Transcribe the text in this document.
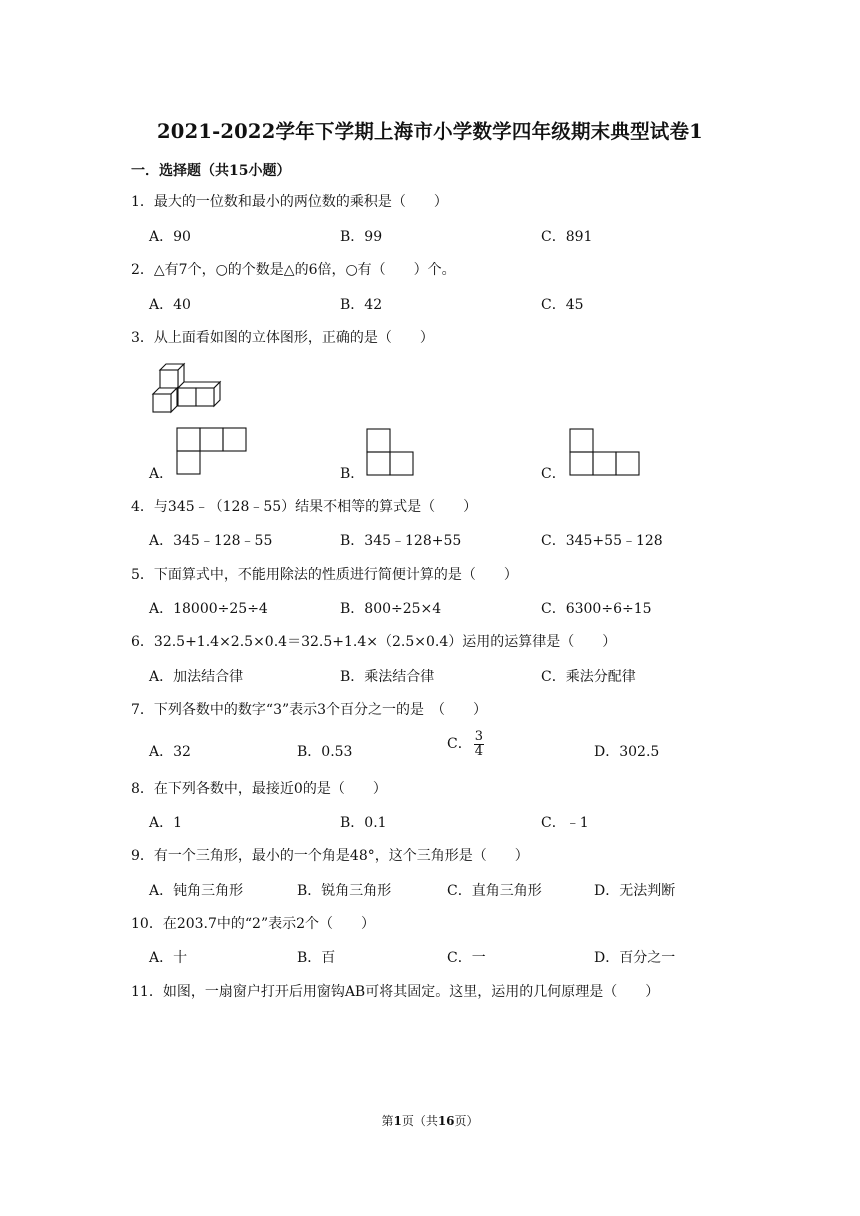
2021-2022学年下学期上海市小学数学四年级期末典型试卷1
一．选择题（共15小题）
1．最大的一位数和最小的两位数的乘积是（　　）
A．90	B．99	C．891
2．△有7个，○的个数是△的6倍，○有（　　）个。
A．40	B．42	C．45
3．从上面看如图的立体图形，正确的是（　　）
A．	B．	C．
4．与345﹣（128﹣55）结果不相等的算式是（　　）
A．345﹣128﹣55	B．345﹣128+55	C．345+55﹣128
5．下面算式中，不能用除法的性质进行简便计算的是（　　）
A．18000÷25÷4	B．800÷25×4	C．6300÷6÷15
6．32.5+1.4×2.5×0.4＝32.5+1.4×（2.5×0.4）运用的运算律是（　　）
A．加法结合律	B．乘法结合律	C．乘法分配律
7．下列各数中的数字“3”表示3个百分之一的是　（　　）
A．32	B．0.53	C． $\frac{3}{4}$	D．302.5
8．在下列各数中，最接近0的是（　　）
A．1	B．0.1	C．﹣1
9．有一个三角形，最小的一个角是48°，这个三角形是（　　）
A．钝角三角形	B．锐角三角形	C．直角三角形	D．无法判断
10．在203.7中的“2”表示2个（　　）
A．十	B．百	C．一	D．百分之一
11．如图，一扇窗户打开后用窗钩AB可将其固定。这里，运用的几何原理是（　　）
第1页（共16页）
